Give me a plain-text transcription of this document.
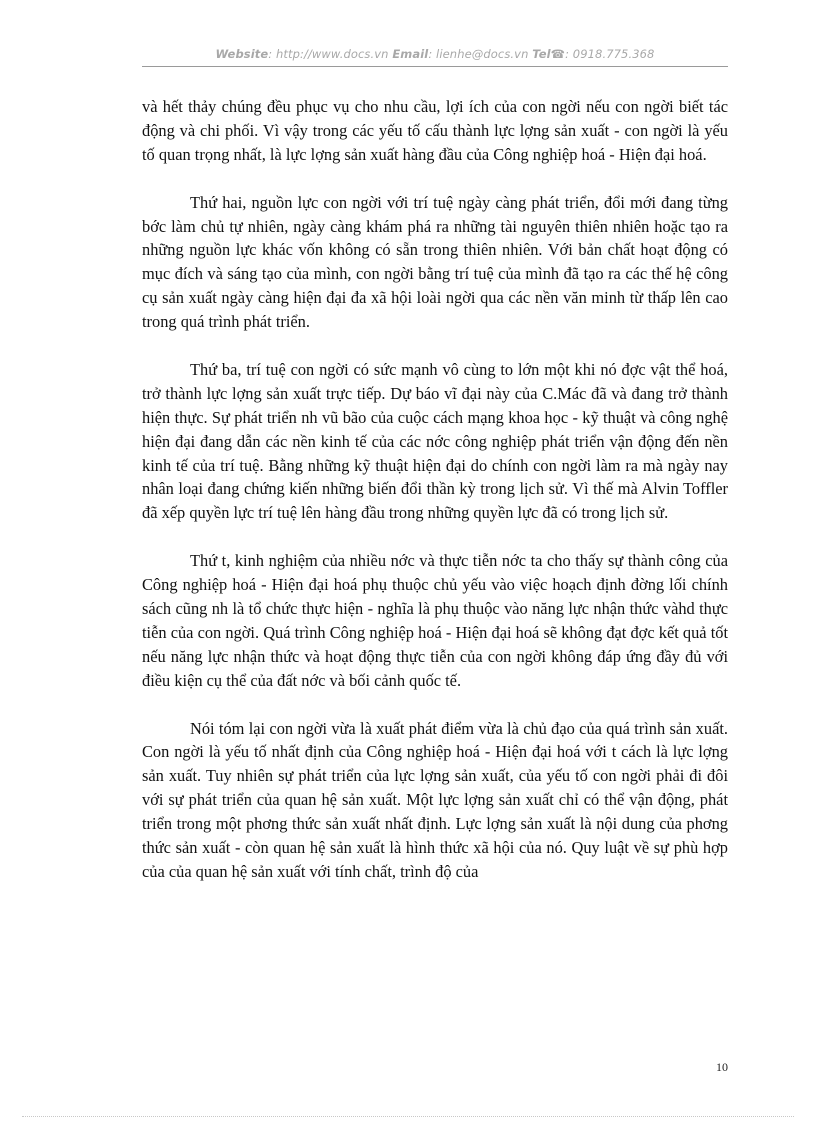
Website: http://www.docs.vn Email: lienhe@docs.vn Tel☎: 0918.775.368

và hết thảy chúng đều phục vụ cho nhu cầu, lợi ích của con ngời nếu con ngời biết tác động và chi phối. Vì vậy trong các yếu tố cấu thành lực lợng sản xuất - con ngời là yếu tố quan trọng nhất, là lực lợng sản xuất hàng đầu của Công nghiệp hoá - Hiện đại hoá.

Thứ hai, nguồn lực con ngời với trí tuệ ngày càng phát triển, đổi mới đang từng bớc làm chủ tự nhiên, ngày càng khám phá ra những tài nguyên thiên nhiên hoặc tạo ra những nguồn lực khác vốn không có sẵn trong thiên nhiên. Với bản chất hoạt động có mục đích và sáng tạo của mình, con ngời bằng trí tuệ của mình đã tạo ra các thế hệ công cụ sản xuất ngày càng hiện đại đa xã hội loài ngời qua các nền văn minh từ thấp lên cao trong quá trình phát triển.

Thứ ba, trí tuệ con ngời có sức mạnh vô cùng to lớn một khi nó đợc vật thể hoá, trở thành lực lợng sản xuất trực tiếp. Dự báo vĩ đại này của C.Mác đã và đang trở thành hiện thực. Sự phát triển nh vũ bão của cuộc cách mạng khoa học - kỹ thuật và công nghệ hiện đại đang dẫn các nền kinh tế của các nớc công nghiệp phát triển vận động đến nền kinh tế của trí tuệ. Bằng những kỹ thuật hiện đại do chính con ngời làm ra mà ngày nay nhân loại đang chứng kiến những biến đổi thần kỳ trong lịch sử. Vì thế mà Alvin Toffler đã xếp quyền lực trí tuệ lên hàng đầu trong những quyền lực đã có trong lịch sử.

Thứ t, kinh nghiệm của nhiều nớc và thực tiễn nớc ta cho thấy sự thành công của Công nghiệp hoá - Hiện đại hoá phụ thuộc chủ yếu vào việc hoạch định đờng lối chính sách cũng nh là tổ chức thực hiện - nghĩa là phụ thuộc vào năng lực nhận thức vàhd thực tiễn của con ngời. Quá trình Công nghiệp hoá - Hiện đại hoá sẽ không đạt đợc kết quả tốt nếu năng lực nhận thức và hoạt động thực tiễn của con ngời không đáp ứng đầy đủ với điều kiện cụ thể của đất nớc và bối cảnh quốc tế.

Nói tóm lại con ngời vừa là xuất phát điểm vừa là chủ đạo của quá trình sản xuất. Con ngời là yếu tố nhất định của Công nghiệp hoá - Hiện đại hoá với t cách là lực lợng sản xuất. Tuy nhiên sự phát triển của lực lợng sản xuất, của yếu tố con ngời phải đi đôi với sự phát triển của quan hệ sản xuất. Một lực lợng sản xuất chỉ có thể vận động, phát triển trong một phơng thức sản xuất nhất định. Lực lợng sản xuất là nội dung của phơng thức sản xuất - còn quan hệ sản xuất là hình thức xã hội của nó. Quy luật về sự phù hợp của của quan hệ sản xuất với tính chất, trình độ của

10
